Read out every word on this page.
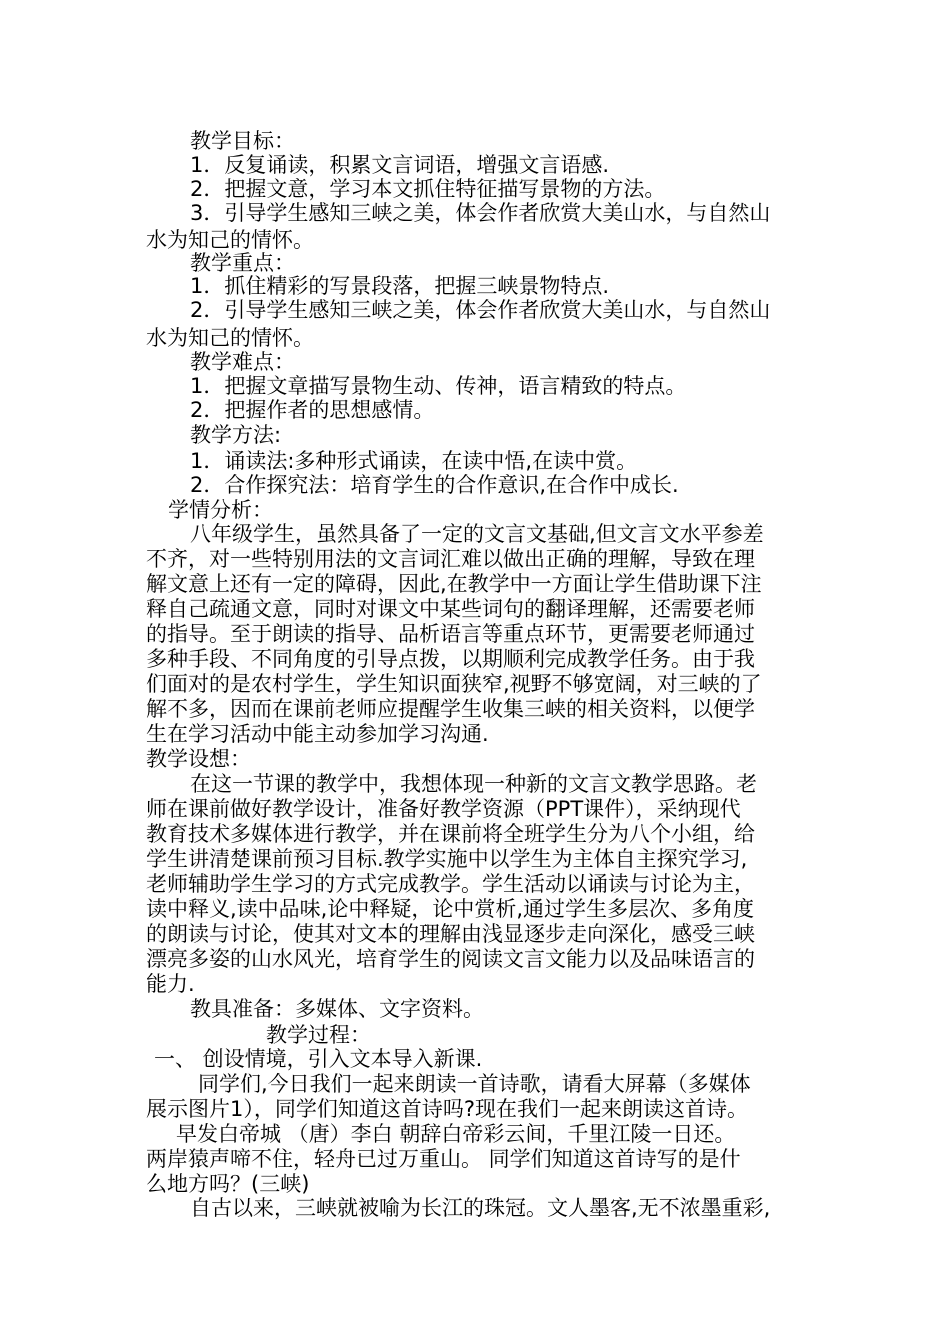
教学目标：
1．反复诵读，积累文言词语，增强文言语感.
2．把握文意，学习本文抓住特征描写景物的方法。
3．引导学生感知三峡之美，体会作者欣赏大美山水，与自然山
水为知己的情怀。
教学重点：
1．抓住精彩的写景段落，把握三峡景物特点.
2．引导学生感知三峡之美，体会作者欣赏大美山水，与自然山
水为知己的情怀。
教学难点：
1．把握文章描写景物生动、传神，语言精致的特点。
2．把握作者的思想感情。
教学方法:
1．诵读法:多种形式诵读，在读中悟,在读中赏。
2．合作探究法：培育学生的合作意识,在合作中成长.
学情分析：
八年级学生，虽然具备了一定的文言文基础,但文言文水平参差
不齐，对一些特别用法的文言词汇难以做出正确的理解，导致在理
解文意上还有一定的障碍，因此,在教学中一方面让学生借助课下注
释自己疏通文意，同时对课文中某些词句的翻译理解，还需要老师
的指导。至于朗读的指导、品析语言等重点环节，更需要老师通过
多种手段、不同角度的引导点拨，以期顺利完成教学任务。由于我
们面对的是农村学生，学生知识面狭窄,视野不够宽阔，对三峡的了
解不多，因而在课前老师应提醒学生收集三峡的相关资料，以便学
生在学习活动中能主动参加学习沟通.
教学设想：
在这一节课的教学中，我想体现一种新的文言文教学思路。老
师在课前做好教学设计，准备好教学资源（PPT课件），采纳现代
教育技术多媒体进行教学，并在课前将全班学生分为八个小组，给
学生讲清楚课前预习目标.教学实施中以学生为主体自主探究学习,
老师辅助学生学习的方式完成教学。学生活动以诵读与讨论为主，
读中释义,读中品味,论中释疑，论中赏析,通过学生多层次、多角度
的朗读与讨论，使其对文本的理解由浅显逐步走向深化，感受三峡
漂亮多姿的山水风光，培育学生的阅读文言文能力以及品味语言的
能力.
教具准备：多媒体、文字资料。
教学过程：
一、 创设情境，引入文本导入新课.
同学们,今日我们一起来朗读一首诗歌，请看大屏幕（多媒体
展示图片1），同学们知道这首诗吗?现在我们一起来朗读这首诗。
早发白帝城 （唐）李白 朝辞白帝彩云间，千里江陵一日还。
两岸猿声啼不住，轻舟已过万重山。 同学们知道这首诗写的是什
么地方吗？(三峡)
自古以来，三峡就被喻为长江的珠冠。文人墨客,无不浓墨重彩,
